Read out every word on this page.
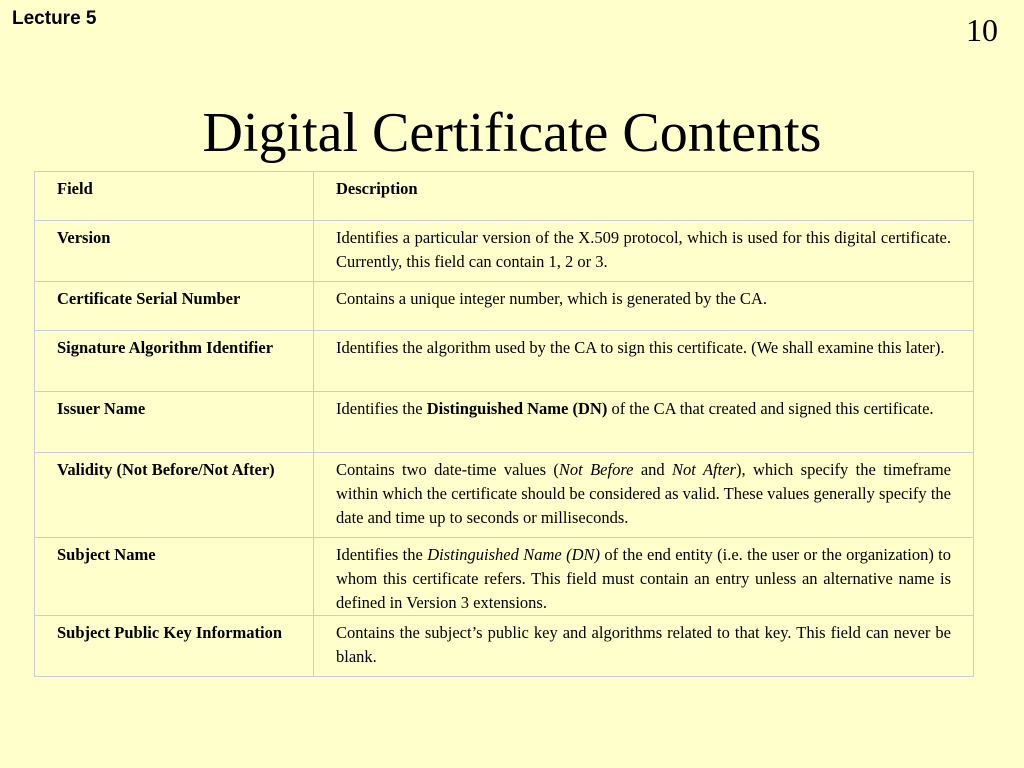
Lecture 5	10
Digital Certificate Contents
Field	Description
Version	Identifies a particular version of the X.509 protocol, which is used for this digital certificate. Currently, this field can contain 1, 2 or 3.
Certificate Serial Number	Contains a unique integer number, which is generated by the CA.
Signature Algorithm Identifier	Identifies the algorithm used by the CA to sign this certificate. (We shall examine this later).
Issuer Name	Identifies the Distinguished Name (DN) of the CA that created and signed this certificate.
Validity (Not Before/Not After)	Contains two date-time values (Not Before and Not After), which specify the timeframe within which the certificate should be considered as valid. These values generally specify the date and time up to seconds or milliseconds.
Subject Name	Identifies the Distinguished Name (DN) of the end entity (i.e. the user or the organization) to whom this certificate refers. This field must contain an entry unless an alternative name is defined in Version 3 extensions.
Subject Public Key Information	Contains the subject’s public key and algorithms related to that key. This field can never be blank.
